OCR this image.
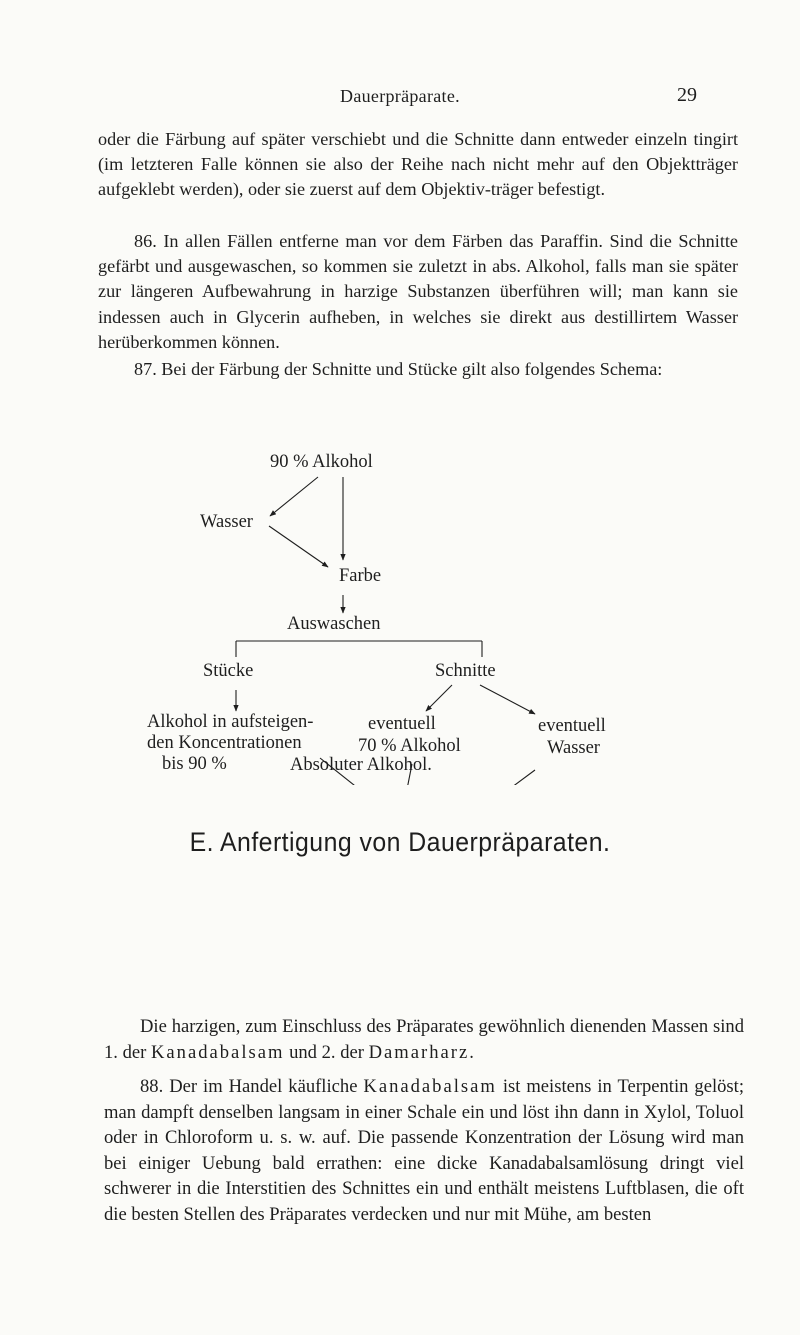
Dauerpräparate.	29

oder die Färbung auf später verschiebt und die Schnitte dann entweder einzeln tingirt (im letzteren Falle können sie also der Reihe nach nicht mehr auf den Objektträger aufgeklebt werden), oder sie zuerst auf dem Objektiv-träger befestigt.

86. In allen Fällen entferne man vor dem Färben das Paraffin. Sind die Schnitte gefärbt und ausgewaschen, so kommen sie zuletzt in abs. Alkohol, falls man sie später zur längeren Aufbewahrung in harzige Substanzen überführen will; man kann sie indessen auch in Glycerin aufheben, in welches sie direkt aus destillirtem Wasser herüberkommen können.

87. Bei der Färbung der Schnitte und Stücke gilt also folgendes Schema:

90 % Alkohol
Wasser
Farbe
Auswaschen
Stücke	Schnitte
Alkohol in aufsteigen-
den Koncentrationen
bis 90 %
eventuell
70 % Alkohol
eventuell
Wasser
Absoluter Alkohol.
E. Anfertigung von Dauerpräparaten.

Die harzigen, zum Einschluss des Präparates gewöhnlich dienenden Massen sind 1. der Kanadabalsam und 2. der Damarharz.

88. Der im Handel käufliche Kanadabalsam ist meistens in Terpentin gelöst; man dampft denselben langsam in einer Schale ein und löst ihn dann in Xylol, Toluol oder in Chloroform u. s. w. auf. Die passende Konzentration der Lösung wird man bei einiger Uebung bald errathen: eine dicke Kanadabalsamlösung dringt viel schwerer in die Interstitien des Schnittes ein und enthält meistens Luftblasen, die oft die besten Stellen des Präparates verdecken und nur mit Mühe, am besten
